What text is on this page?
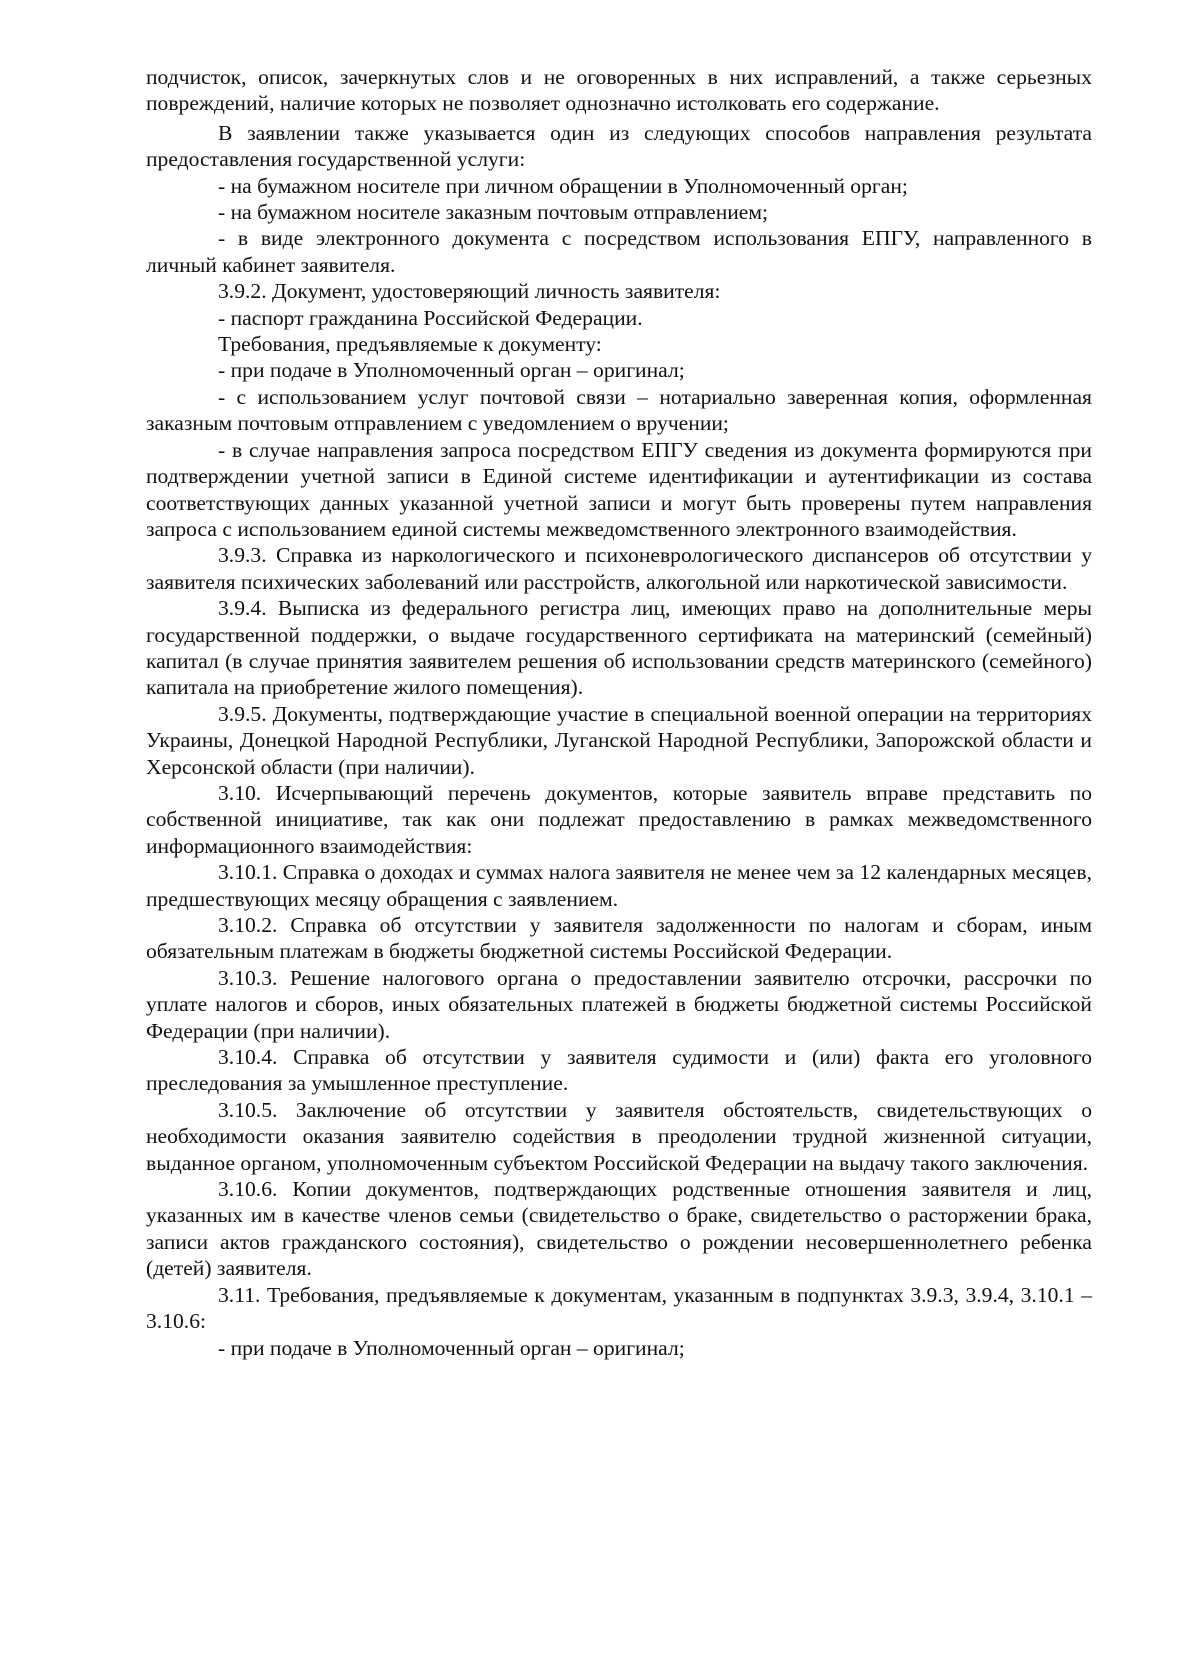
подчисток, описок, зачеркнутых слов и не оговоренных в них исправлений, а также серьезных повреждений, наличие которых не позволяет однозначно истолковать его содержание.

В заявлении также указывается один из следующих способов направления результата предоставления государственной услуги:

- на бумажном носителе при личном обращении в Уполномоченный орган;

- на бумажном носителе заказным почтовым отправлением;

- в виде электронного документа с посредством использования ЕПГУ, направленного в личный кабинет заявителя.

3.9.2. Документ, удостоверяющий личность заявителя:

- паспорт гражданина Российской Федерации.

Требования, предъявляемые к документу:

- при подаче в Уполномоченный орган – оригинал;

- с использованием услуг почтовой связи – нотариально заверенная копия, оформленная заказным почтовым отправлением с уведомлением о вручении;

- в случае направления запроса посредством ЕПГУ сведения из документа формируются при подтверждении учетной записи в Единой системе идентификации и аутентификации из состава соответствующих данных указанной учетной записи и могут быть проверены путем направления запроса с использованием единой системы межведомственного электронного взаимодействия.

3.9.3. Справка из наркологического и психоневрологического диспансеров об отсутствии у заявителя психических заболеваний или расстройств, алкогольной или наркотической зависимости.

3.9.4. Выписка из федерального регистра лиц, имеющих право на дополнительные меры государственной поддержки, о выдаче государственного сертификата на материнский (семейный) капитал (в случае принятия заявителем решения об использовании средств материнского (семейного) капитала на приобретение жилого помещения).

3.9.5. Документы, подтверждающие участие в специальной военной операции на территориях Украины, Донецкой Народной Республики, Луганской Народной Республики, Запорожской области и Херсонской области (при наличии).

3.10. Исчерпывающий перечень документов, которые заявитель вправе представить по собственной инициативе, так как они подлежат предоставлению в рамках межведомственного информационного взаимодействия:

3.10.1. Справка о доходах и суммах налога заявителя не менее чем за 12 календарных месяцев, предшествующих месяцу обращения с заявлением.

3.10.2. Справка об отсутствии у заявителя задолженности по налогам и сборам, иным обязательным платежам в бюджеты бюджетной системы Российской Федерации.

3.10.3. Решение налогового органа о предоставлении заявителю отсрочки, рассрочки по уплате налогов и сборов, иных обязательных платежей в бюджеты бюджетной системы Российской Федерации (при наличии).

3.10.4. Справка об отсутствии у заявителя судимости и (или) факта его уголовного преследования за умышленное преступление.

3.10.5. Заключение об отсутствии у заявителя обстоятельств, свидетельствующих о необходимости оказания заявителю содействия в преодолении трудной жизненной ситуации, выданное органом, уполномоченным субъектом Российской Федерации на выдачу такого заключения.

3.10.6. Копии документов, подтверждающих родственные отношения заявителя и лиц, указанных им в качестве членов семьи (свидетельство о браке, свидетельство о расторжении брака, записи актов гражданского состояния), свидетельство о рождении несовершеннолетнего ребенка (детей) заявителя.

3.11. Требования, предъявляемые к документам, указанным в подпунктах 3.9.3, 3.9.4, 3.10.1 – 3.10.6:

- при подаче в Уполномоченный орган – оригинал;
